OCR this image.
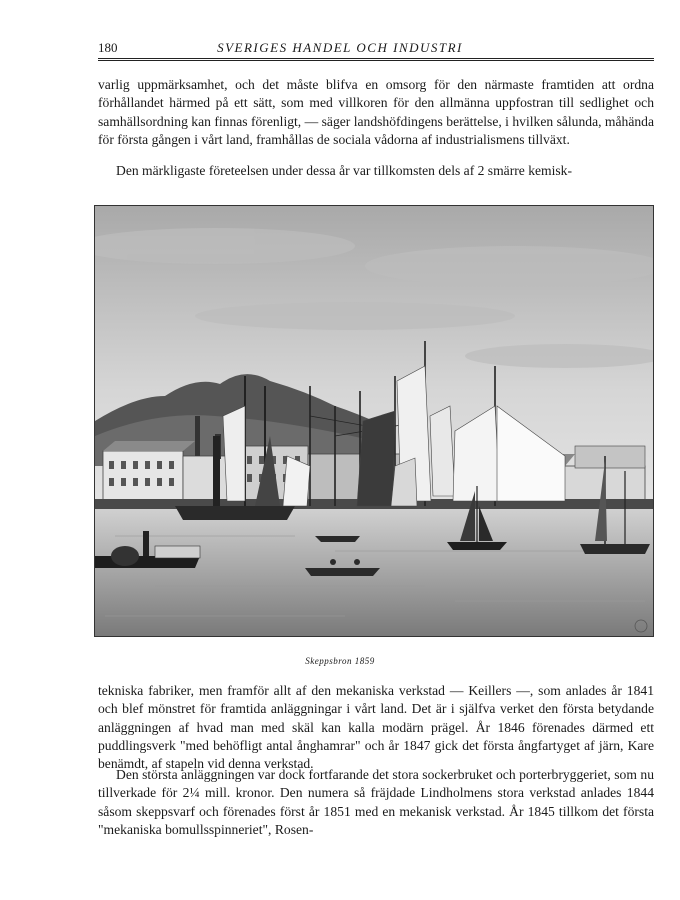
180	SVERIGES HANDEL OCH INDUSTRI

varlig uppmärksamhet, och det måste blifva en omsorg för den närmaste framtiden att ordna förhållandet härmed på ett sätt, som med villkoren för den allmänna uppfostran till sedlighet och samhällsordning kan finnas förenligt, — säger landshöfdingens berättelse, i hvilken sålunda, måhända för första gången i vårt land, framhållas de sociala vådorna af industrialismens tillväxt.

Den märkligaste företeelsen under dessa år var tillkomsten dels af 2 smärre kemisk-

Skeppsbron 1859

tekniska fabriker, men framför allt af den mekaniska verkstad — Keillers —, som anlades år 1841 och blef mönstret för framtida anläggningar i vårt land. Det är i själfva verket den första betydande anläggningen af hvad man med skäl kan kalla modärn prägel. År 1846 förenades därmed ett puddlingsverk "med behöfligt antal ånghamrar" och år 1847 gick det första ångfartyget af järn, Kare benämdt, af stapeln vid denna verkstad.

Den största anläggningen var dock fortfarande det stora sockerbruket och porterbryggeriet, som nu tillverkade för 2¼ mill. kronor. Den numera så fräjdade Lindholmens stora verkstad anlades 1844 såsom skeppsvarf och förenades först år 1851 med en mekanisk verkstad. År 1845 tillkom det första "mekaniska bomullsspinneriet", Rosen-
